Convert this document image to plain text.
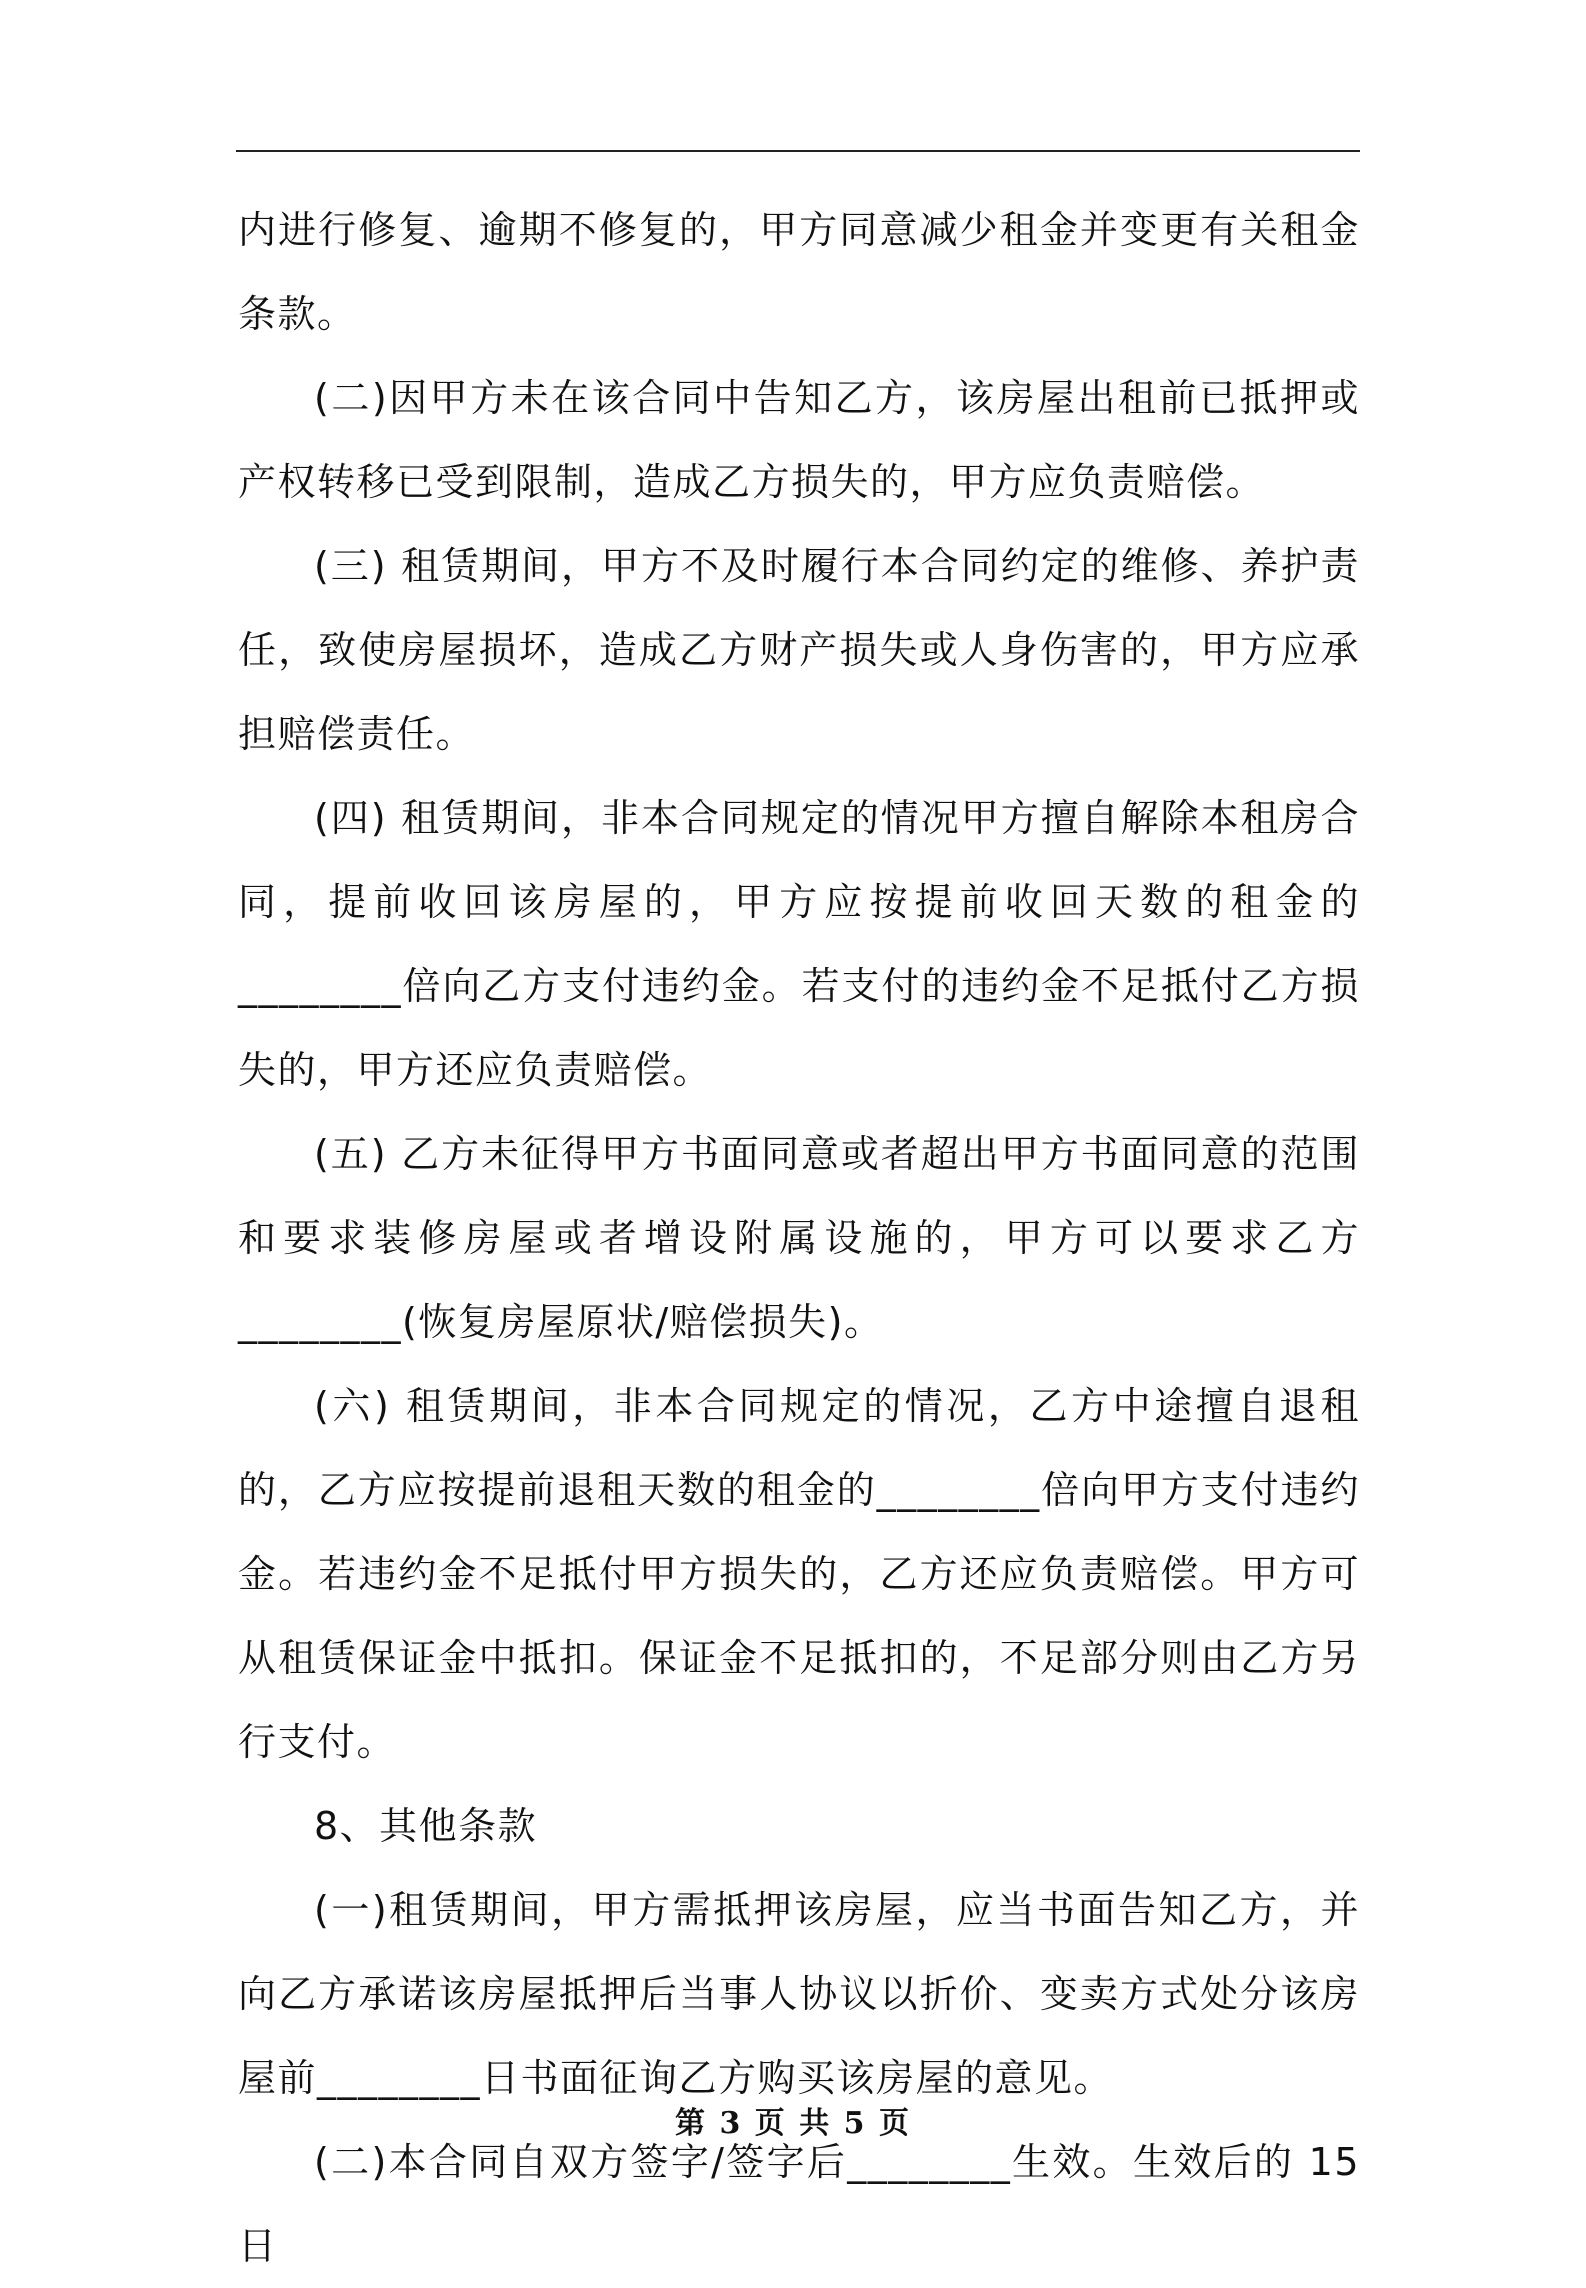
内进行修复、逾期不修复的，甲方同意减少租金并变更有关租金条款。

(二)因甲方未在该合同中告知乙方，该房屋出租前已抵押或产权转移已受到限制，造成乙方损失的，甲方应负责赔偿。

(三) 租赁期间，甲方不及时履行本合同约定的维修、养护责任，致使房屋损坏，造成乙方财产损失或人身伤害的，甲方应承担赔偿责任。

(四) 租赁期间，非本合同规定的情况甲方擅自解除本租房合同，提前收回该房屋的，甲方应按提前收回天数的租金的________倍向乙方支付违约金。若支付的违约金不足抵付乙方损失的，甲方还应负责赔偿。

(五) 乙方未征得甲方书面同意或者超出甲方书面同意的范围和要求装修房屋或者增设附属设施的，甲方可以要求乙方________(恢复房屋原状/赔偿损失)。

(六) 租赁期间，非本合同规定的情况，乙方中途擅自退租的，乙方应按提前退租天数的租金的________倍向甲方支付违约金。若违约金不足抵付甲方损失的，乙方还应负责赔偿。甲方可从租赁保证金中抵扣。保证金不足抵扣的，不足部分则由乙方另行支付。

8、其他条款

(一)租赁期间，甲方需抵押该房屋，应当书面告知乙方，并向乙方承诺该房屋抵押后当事人协议以折价、变卖方式处分该房屋前________日书面征询乙方购买该房屋的意见。

(二)本合同自双方签字/签字后________生效。生效后的 15 日

第 3 页 共 5 页
